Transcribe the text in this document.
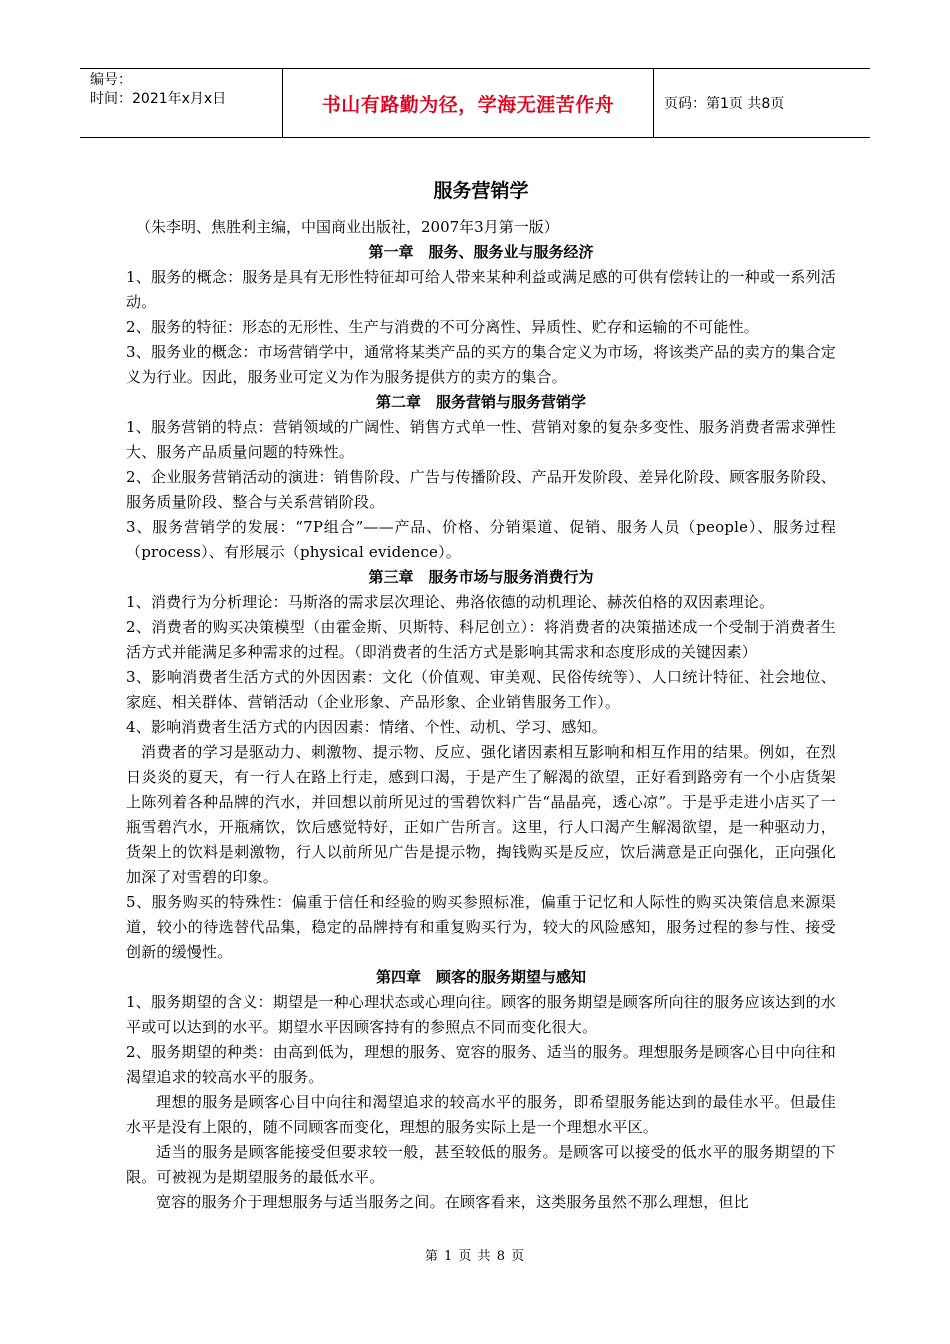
编号：
时间：2021年x月x日	书山有路勤为径，学海无涯苦作舟	页码：第1页 共8页
服务营销学

（朱李明、焦胜利主编，中国商业出版社，2007年3月第一版）

第一章　服务、服务业与服务经济

1、服务的概念：服务是具有无形性特征却可给人带来某种利益或满足感的可供有偿转让的一种或一系列活动。

2、服务的特征：形态的无形性、生产与消费的不可分离性、异质性、贮存和运输的不可能性。

3、服务业的概念：市场营销学中，通常将某类产品的买方的集合定义为市场，将该类产品的卖方的集合定义为行业。因此，服务业可定义为作为服务提供方的卖方的集合。

第二章　服务营销与服务营销学

1、服务营销的特点：营销领域的广阔性、销售方式单一性、营销对象的复杂多变性、服务消费者需求弹性大、服务产品质量问题的特殊性。

2、企业服务营销活动的演进：销售阶段、广告与传播阶段、产品开发阶段、差异化阶段、顾客服务阶段、服务质量阶段、整合与关系营销阶段。

3、服务营销学的发展：“7P组合”——产品、价格、分销渠道、促销、服务人员（people）、服务过程（process）、有形展示（physical evidence）。

第三章　服务市场与服务消费行为

1、消费行为分析理论：马斯洛的需求层次理论、弗洛依德的动机理论、赫茨伯格的双因素理论。

2、消费者的购买决策模型（由霍金斯、贝斯特、科尼创立）：将消费者的决策描述成一个受制于消费者生活方式并能满足多种需求的过程。（即消费者的生活方式是影响其需求和态度形成的关键因素）

3、影响消费者生活方式的外因因素：文化（价值观、审美观、民俗传统等）、人口统计特征、社会地位、家庭、相关群体、营销活动（企业形象、产品形象、企业销售服务工作）。

4、影响消费者生活方式的内因因素：情绪、个性、动机、学习、感知。

消费者的学习是驱动力、刺激物、提示物、反应、强化诸因素相互影响和相互作用的结果。例如，在烈日炎炎的夏天，有一行人在路上行走，感到口渴，于是产生了解渴的欲望，正好看到路旁有一个小店货架上陈列着各种品牌的汽水，并回想以前所见过的雪碧饮料广告“晶晶亮，透心凉”。于是乎走进小店买了一瓶雪碧汽水，开瓶痛饮，饮后感觉特好，正如广告所言。这里，行人口渴产生解渴欲望，是一种驱动力，货架上的饮料是刺激物，行人以前所见广告是提示物，掏钱购买是反应，饮后满意是正向强化，正向强化加深了对雪碧的印象。

5、服务购买的特殊性：偏重于信任和经验的购买参照标准，偏重于记忆和人际性的购买决策信息来源渠道，较小的待选替代品集，稳定的品牌持有和重复购买行为，较大的风险感知，服务过程的参与性、接受创新的缓慢性。

第四章　顾客的服务期望与感知

1、服务期望的含义：期望是一种心理状态或心理向往。顾客的服务期望是顾客所向往的服务应该达到的水平或可以达到的水平。期望水平因顾客持有的参照点不同而变化很大。

2、服务期望的种类：由高到低为，理想的服务、宽容的服务、适当的服务。理想服务是顾客心目中向往和渴望追求的较高水平的服务。

理想的服务是顾客心目中向往和渴望追求的较高水平的服务，即希望服务能达到的最佳水平。但最佳水平是没有上限的，随不同顾客而变化，理想的服务实际上是一个理想水平区。

适当的服务是顾客能接受但要求较一般，甚至较低的服务。是顾客可以接受的低水平的服务期望的下限。可被视为是期望服务的最低水平。

宽容的服务介于理想服务与适当服务之间。在顾客看来，这类服务虽然不那么理想，但比

第 1 页 共 8 页
